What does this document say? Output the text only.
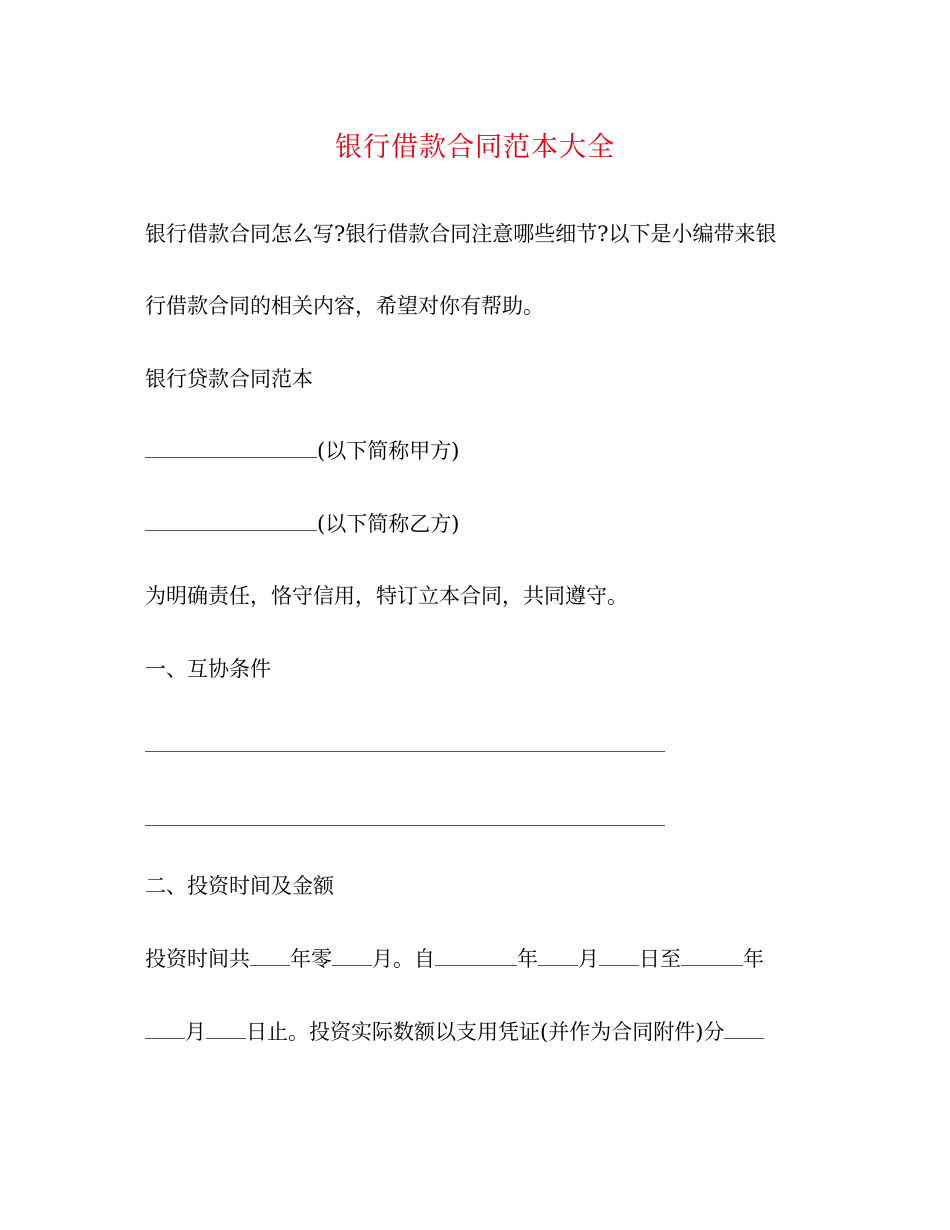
银行借款合同范本大全
银行借款合同怎么写?银行借款合同注意哪些细节?以下是小编带来银
行借款合同的相关内容，希望对你有帮助。
银行贷款合同范本
(以下简称甲方)
(以下简称乙方)
为明确责任，恪守信用，特订立本合同，共同遵守。
一、互协条件
二、投资时间及金额
投资时间共 年零 月。自	年 月 日至	年
月 日止。投资实际数额以支用凭证(并作为合同附件)分
